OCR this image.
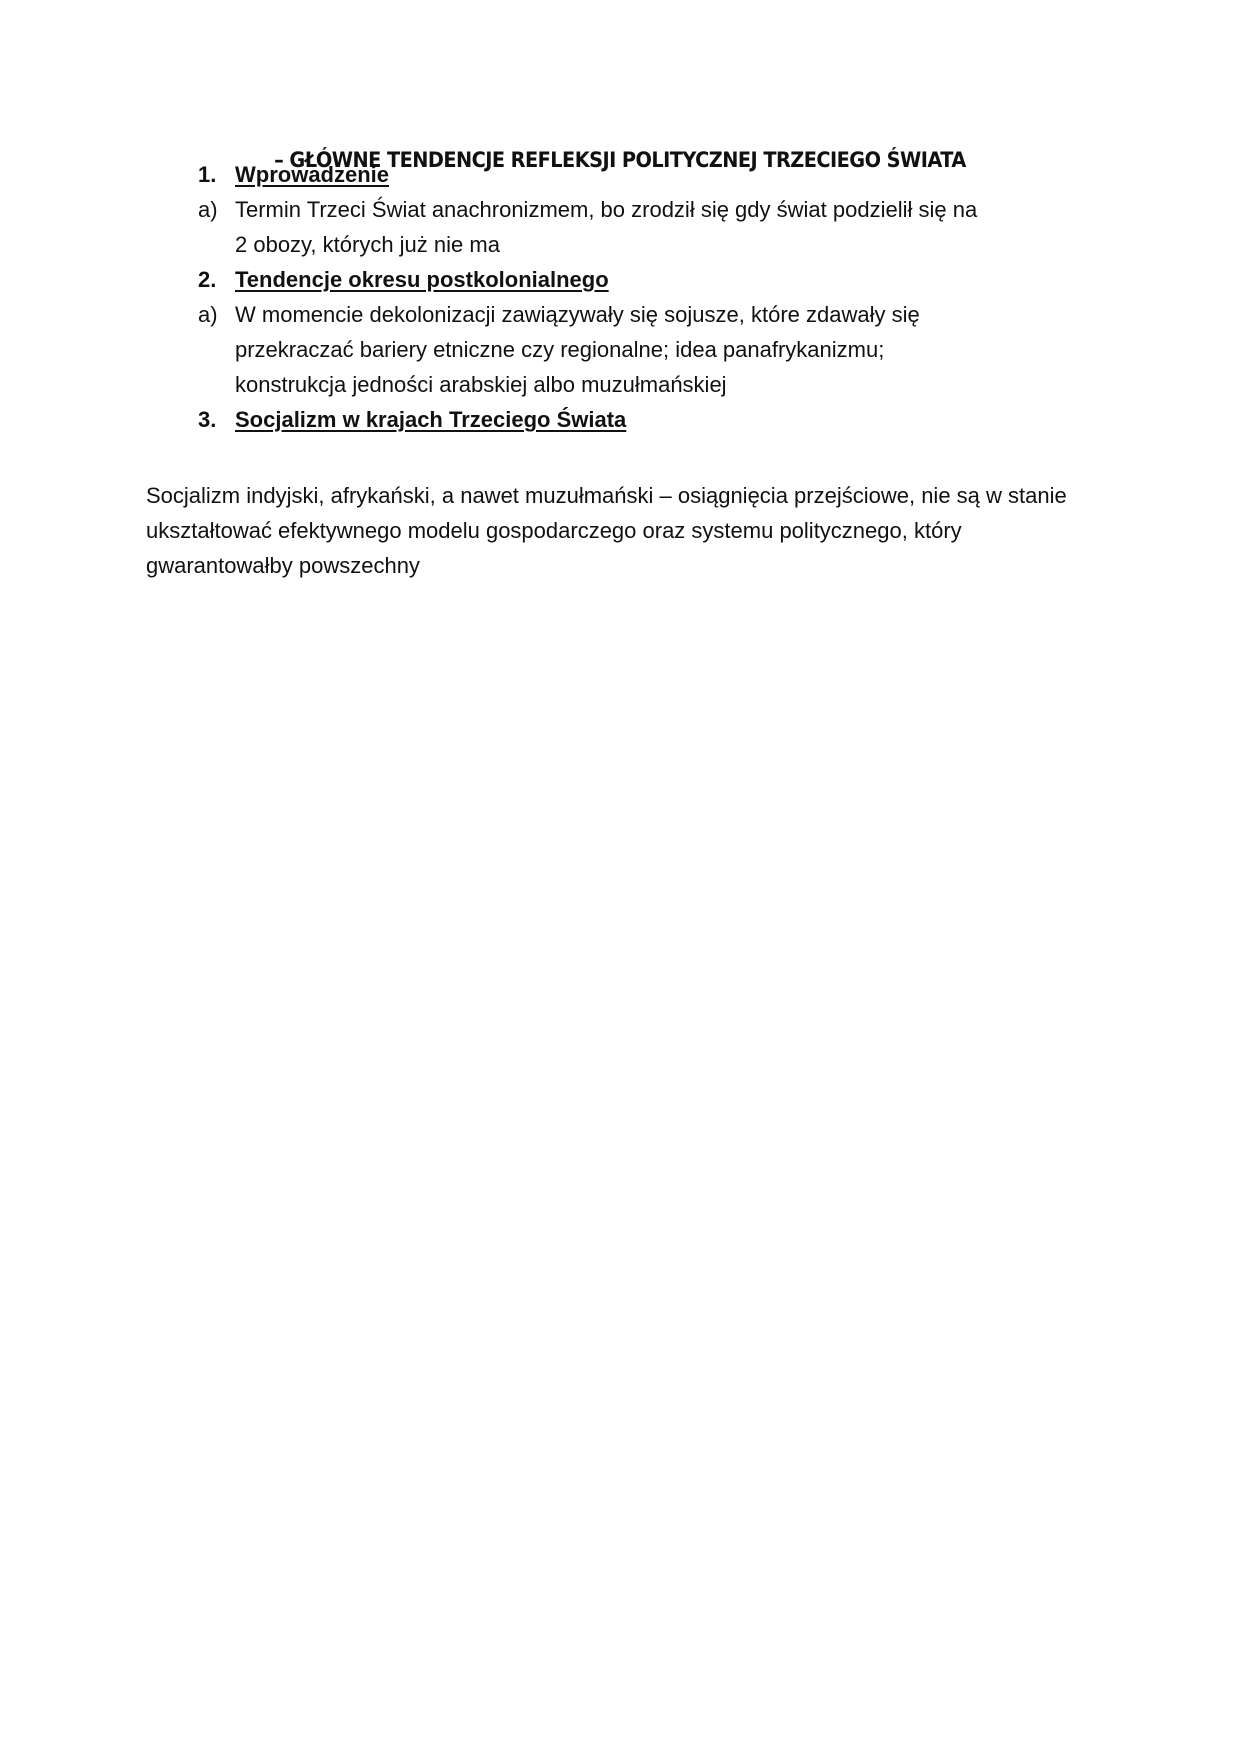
– GŁÓWNE TENDENCJE REFLEKSJI POLITYCZNEJ TRZECIEGO ŚWIATA
1. Wprowadzenie
a) Termin Trzeci Świat anachronizmem, bo zrodził się gdy świat podzielił się na
2 obozy, których już nie ma
2. Tendencje okresu postkolonialnego
a) W momencie dekolonizacji zawiązywały się sojusze, które zdawały się
przekraczać bariery etniczne czy regionalne; idea panafrykanizmu;
konstrukcja jedności arabskiej albo muzułmańskiej
3. Socjalizm w krajach Trzeciego Świata

Socjalizm indyjski, afrykański, a nawet muzułmański – osiągnięcia przejściowe, nie są w stanie ukształtować efektywnego modelu gospodarczego oraz systemu politycznego, który gwarantowałby powszechny
